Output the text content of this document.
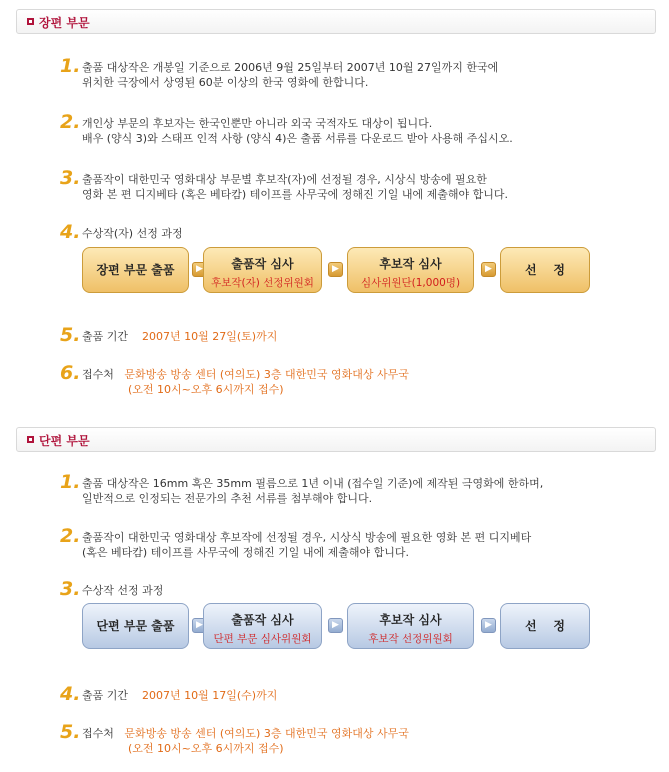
장편 부문
1 . 출품 대상작은 개봉일 기준으로 2006년 9월 25일부터 2007년 10월 27일까지 한국에
위치한 극장에서 상영된 60분 이상의 한국 영화에 한합니다.
2 . 개인상 부문의 후보자는 한국인뿐만 아니라 외국 국적자도 대상이 됩니다.
배우 (양식 3)와 스태프 인적 사항 (양식 4)은 출품 서류를 다운로드 받아 사용해 주십시오.
3 . 출품작이 대한민국 영화대상 부문별 후보작(자)에 선정될 경우, 시상식 방송에 필요한
영화 본 편 디지베타 (혹은 베타캄) 테이프를 사무국에 정해진 기일 내에 제출해야 합니다.
4 . 수상작(자) 선정 과정
장편 부문 출품	▶	출품작 심사
후보작(자) 선정위원회
▶	후보작 심사
심사위원단(1,000명)
▶	선    정
5 . 출품 기간 2007년 10월 27일(토)까지
6 . 접수처 문화방송 방송 센터 (여의도) 3층 대한민국 영화대상 사무국
(오전 10시~오후 6시까지 접수)
단편 부문
1 . 출품 대상작은 16mm 혹은 35mm 필름으로 1년 이내 (접수일 기준)에 제작된 극영화에 한하며,
일반적으로 인정되는 전문가의 추천 서류를 첨부해야 합니다.
2 . 출품작이 대한민국 영화대상 후보작에 선정될 경우, 시상식 방송에 필요한 영화 본 편 디지베타
(혹은 베타캄) 테이프를 사무국에 정해진 기일 내에 제출해야 합니다.
3 . 수상작 선정 과정
단편 부문 출품	▶	출품작 심사
단편 부문 심사위원회
▶	후보작 심사
후보작 선정위원회
▶	선    정
4 . 출품 기간 2007년 10월 17일(수)까지
5 . 접수처 문화방송 방송 센터 (여의도) 3층 대한민국 영화대상 사무국
(오전 10시~오후 6시까지 접수)
